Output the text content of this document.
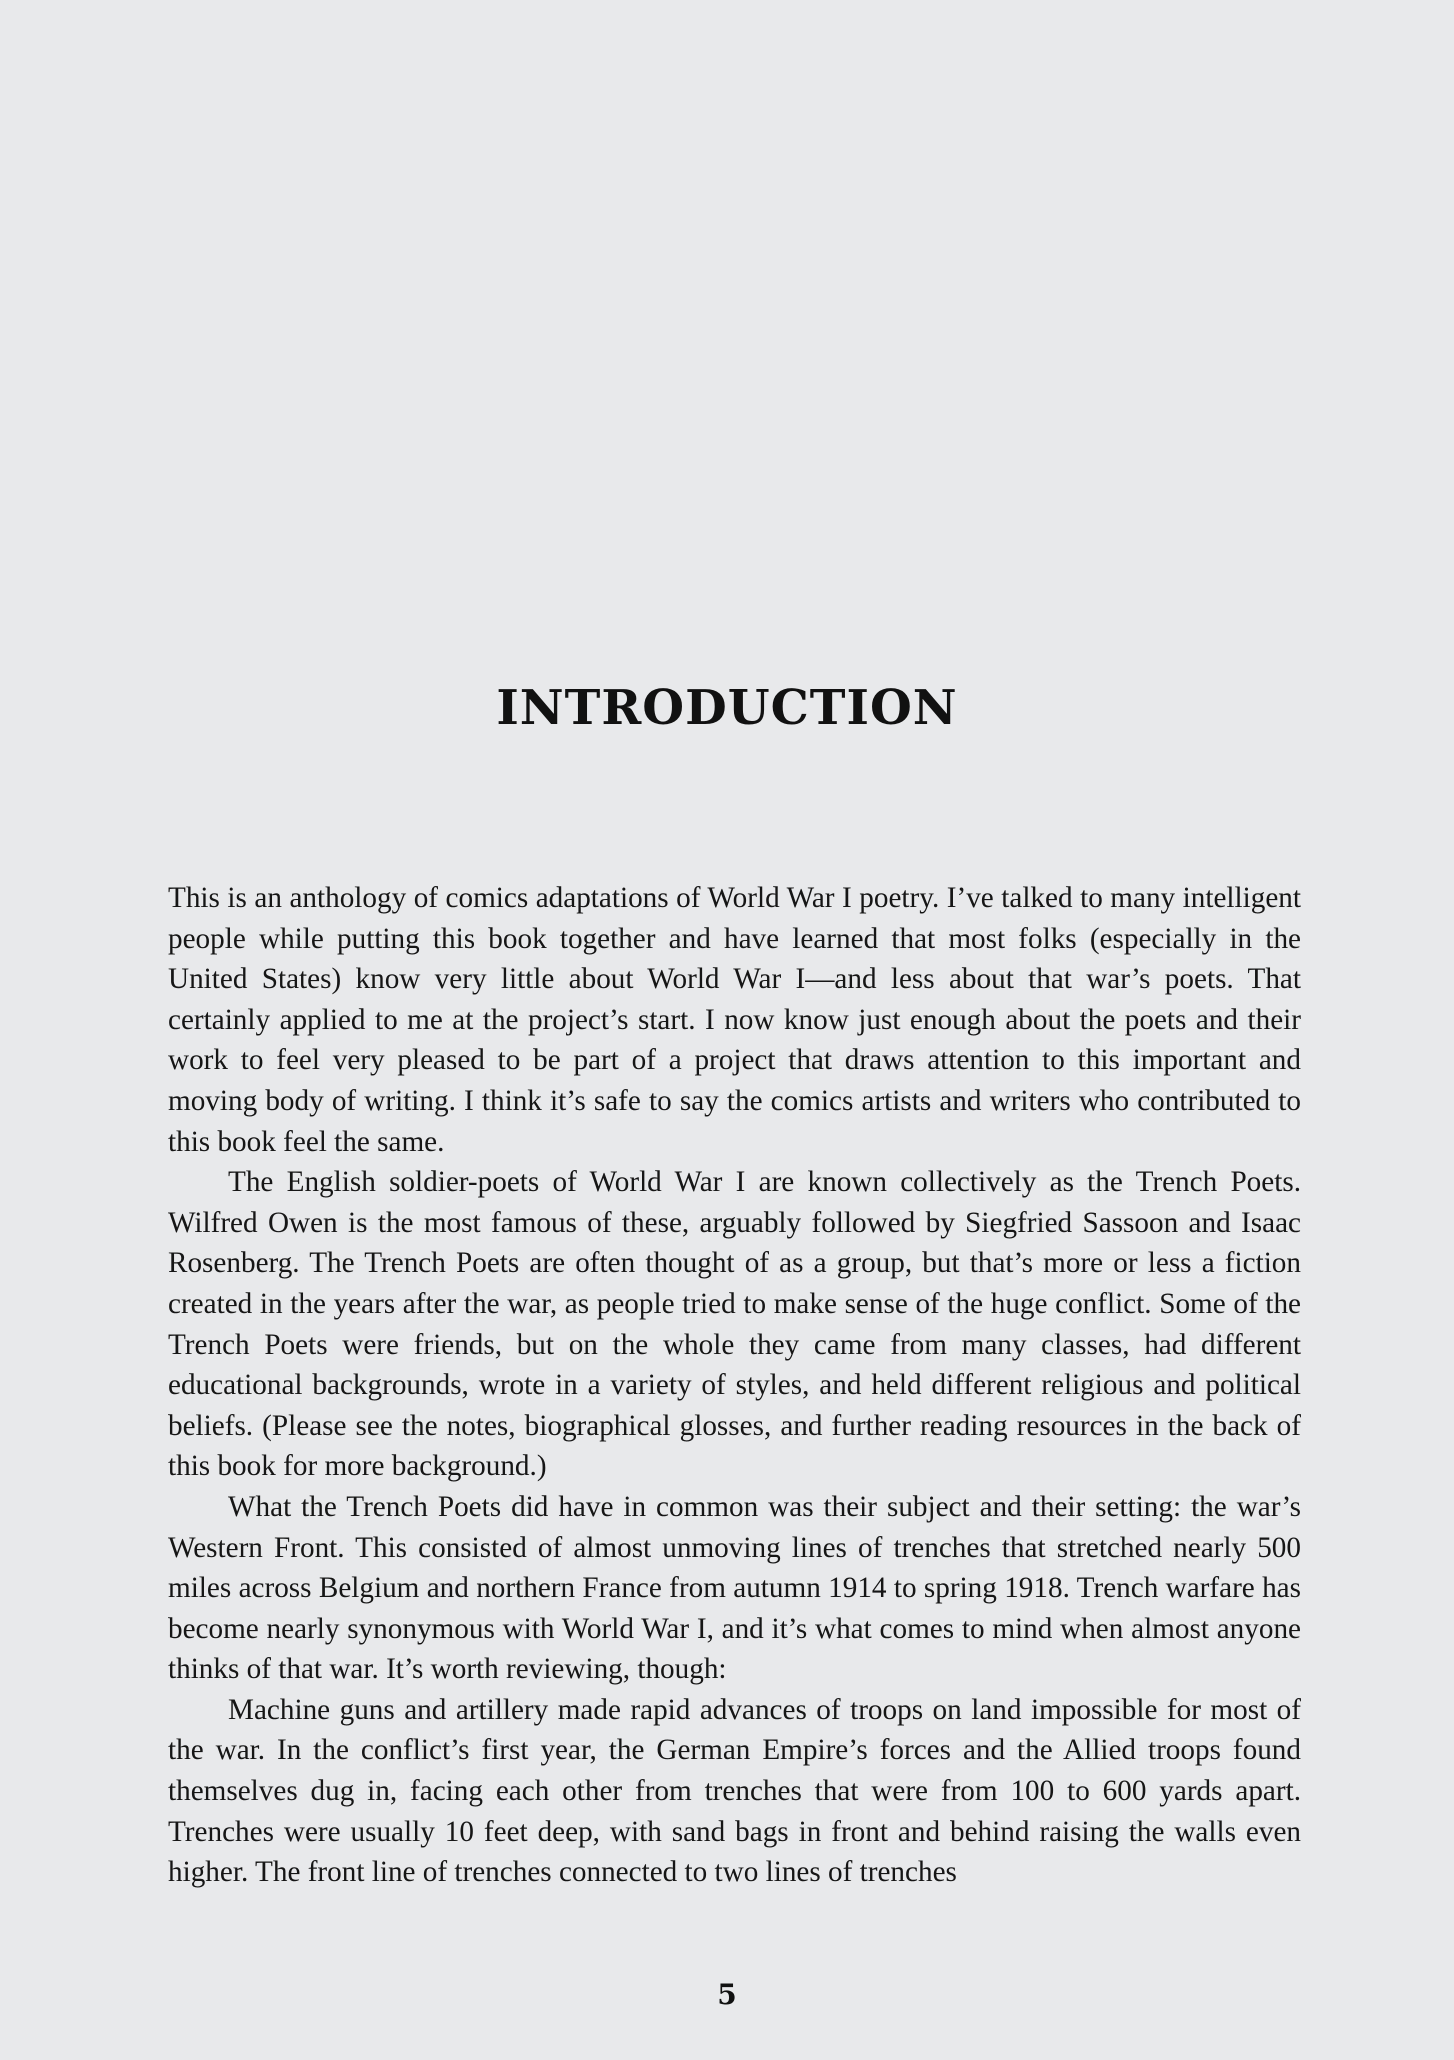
INTRODUCTION

This is an anthology of comics adaptations of World War I poetry. I’ve talked to many intelligent people while putting this book together and have learned that most folks (especially in the United States) know very little about World War I—and less about that war’s poets. That certainly applied to me at the project’s start. I now know just enough about the poets and their work to feel very pleased to be part of a project that draws attention to this important and moving body of writing. I think it’s safe to say the comics artists and writers who contributed to this book feel the same.

The English soldier-poets of World War I are known collectively as the Trench Poets. Wilfred Owen is the most famous of these, arguably followed by Siegfried Sassoon and Isaac Rosenberg. The Trench Poets are often thought of as a group, but that’s more or less a fiction created in the years after the war, as people tried to make sense of the huge conflict. Some of the Trench Poets were friends, but on the whole they came from many classes, had different educational backgrounds, wrote in a variety of styles, and held different religious and political beliefs. (Please see the notes, biographical glosses, and further reading resources in the back of this book for more background.)

What the Trench Poets did have in common was their subject and their setting: the war’s Western Front. This consisted of almost unmoving lines of trenches that stretched nearly 500 miles across Belgium and northern France from autumn 1914 to spring 1918. Trench warfare has become nearly synonymous with World War I, and it’s what comes to mind when almost anyone thinks of that war. It’s worth reviewing, though:

Machine guns and artillery made rapid advances of troops on land impossible for most of the war. In the conflict’s first year, the German Empire’s forces and the Allied troops found themselves dug in, facing each other from trenches that were from 100 to 600 yards apart. Trenches were usually 10 feet deep, with sand bags in front and behind raising the walls even higher. The front line of trenches connected to two lines of trenches

5
